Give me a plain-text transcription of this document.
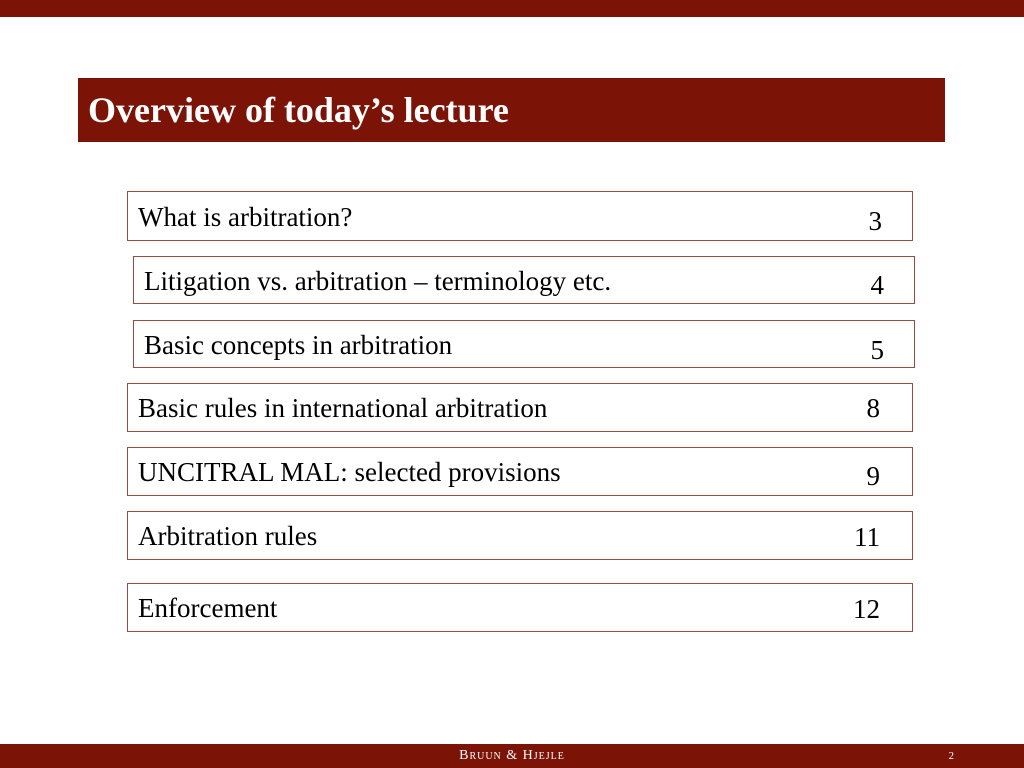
Overview of today’s lecture
What is arbitration?	3
Litigation vs. arbitration – terminology etc.	4
Basic concepts in arbitration	5
Basic rules in international arbitration	8
UNCITRAL MAL: selected provisions	9
Arbitration rules	11
Enforcement	12
Bruun & Hjejle	2
